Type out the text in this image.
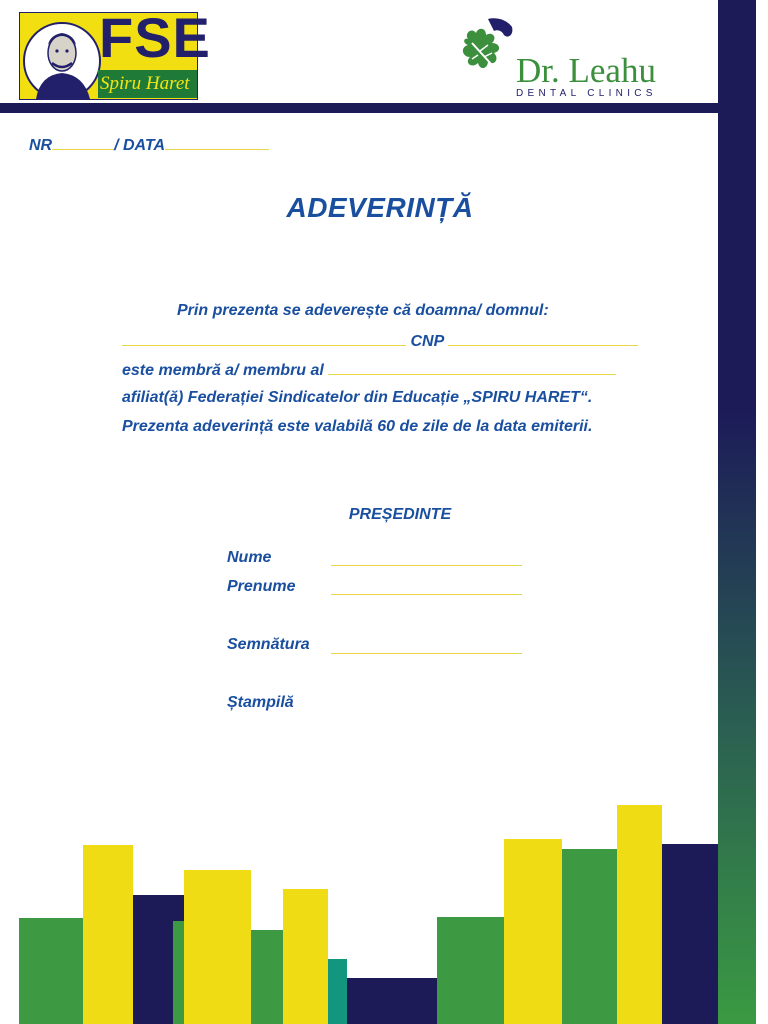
FSE
Spiru Haret	Dr. Leahu
DENTAL CLINICS
NR	/ DATA
ADEVERINȚĂ
Prin prezenta se adeverește că doamna/ domnul:
CNP
este membră a/ membru al
afiliat(ă) Federației Sindicatelor din Educație „SPIRU HARET“.
Prezenta adeverință este valabilă 60 de zile de la data emiterii.
PREȘEDINTE
Nume
Prenume
Semnătura
Ștampilă
